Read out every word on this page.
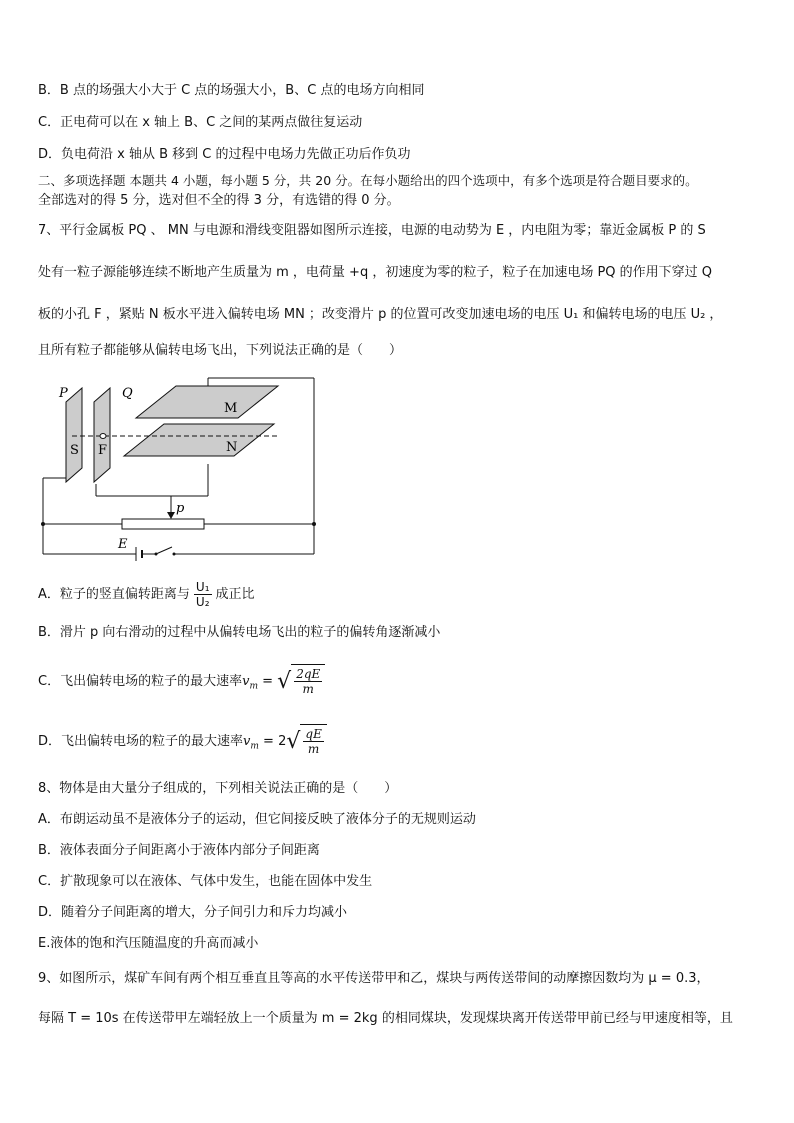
B．B 点的场强大小大于 C 点的场强大小，B、C 点的电场方向相同
C．正电荷可以在 x 轴上 B、C 之间的某两点做往复运动
D．负电荷沿 x 轴从 B 移到 C 的过程中电场力先做正功后作负功
二、多项选择题 本题共 4 小题，每小题 5 分，共 20 分。在每小题给出的四个选项中，有多个选项是符合题目要求的。
全部选对的得 5 分，选对但不全的得 3 分，有选错的得 0 分。
7、平行金属板 PQ 、 MN 与电源和滑线变阻器如图所示连接，电源的电动势为 E ，内电阻为零；靠近金属板 P 的 S
处有一粒子源能够连续不断地产生质量为 m ，电荷量 +q ，初速度为零的粒子，粒子在加速电场 PQ 的作用下穿过 Q
板的小孔 F ，紧贴 N 板水平进入偏转电场 MN ；改变滑片 p 的位置可改变加速电场的电压 U₁ 和偏转电场的电压 U₂ ，
且所有粒子都能够从偏转电场飞出，下列说法正确的是（　　）
P	Q
M
N
S F
p
E
A．粒子的竖直偏转距离与 $\frac{\text{U₁}}{\text{U₂}}$ 成正比
B．滑片 p 向右滑动的过程中从偏转电场飞出的粒子的偏转角逐渐减小
C．飞出偏转电场的粒子的最大速率$v_m$ = √ $\frac{2qE}{m}$
D．飞出偏转电场的粒子的最大速率$v_m = 2$ √ $\frac{qE}{m}$
8、物体是由大量分子组成的，下列相关说法正确的是（　　）
A．布朗运动虽不是液体分子的运动，但它间接反映了液体分子的无规则运动
B．液体表面分子间距离小于液体内部分子间距离
C．扩散现象可以在液体、气体中发生，也能在固体中发生
D．随着分子间距离的增大，分子间引力和斥力均减小
E.液体的饱和汽压随温度的升高而减小
9、如图所示，煤矿车间有两个相互垂直且等高的水平传送带甲和乙，煤块与两传送带间的动摩擦因数均为 μ = 0.3，
每隔 T = 10s 在传送带甲左端轻放上一个质量为 m = 2kg 的相同煤块，发现煤块离开传送带甲前已经与甲速度相等，且
